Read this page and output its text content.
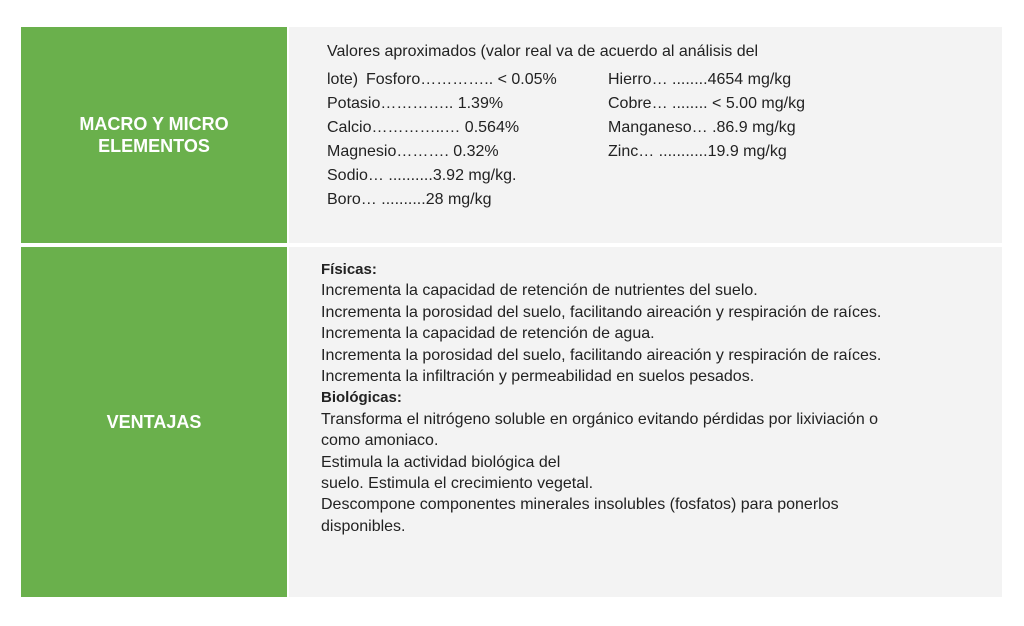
MACRO Y MICRO
ELEMENTOS
Valores aproximados (valor real va de acuerdo al análisis del
lote) Fosforo………….. < 0.05%
Potasio………….. 1.39%
Calcio…………..… 0.564%
Magnesio………. 0.32%
Sodio… ..........3.92 mg/kg.
Boro… ..........28 mg/kg
Hierro… ........4654 mg/kg
Cobre… ........ < 5.00 mg/kg
Manganeso… .86.9 mg/kg
Zinc… ...........19.9 mg/kg
VENTAJAS
Físicas:
Incrementa la capacidad de retención de nutrientes del suelo.
Incrementa la porosidad del suelo, facilitando aireación y respiración de raíces.
Incrementa la capacidad de retención de agua.
Incrementa la porosidad del suelo, facilitando aireación y respiración de raíces.
Incrementa la infiltración y permeabilidad en suelos pesados.
Biológicas:
Transforma el nitrógeno soluble en orgánico evitando pérdidas por lixiviación o
como amoniaco.
Estimula la actividad biológica del
suelo. Estimula el crecimiento vegetal.
Descompone componentes minerales insolubles (fosfatos) para ponerlos
disponibles.
